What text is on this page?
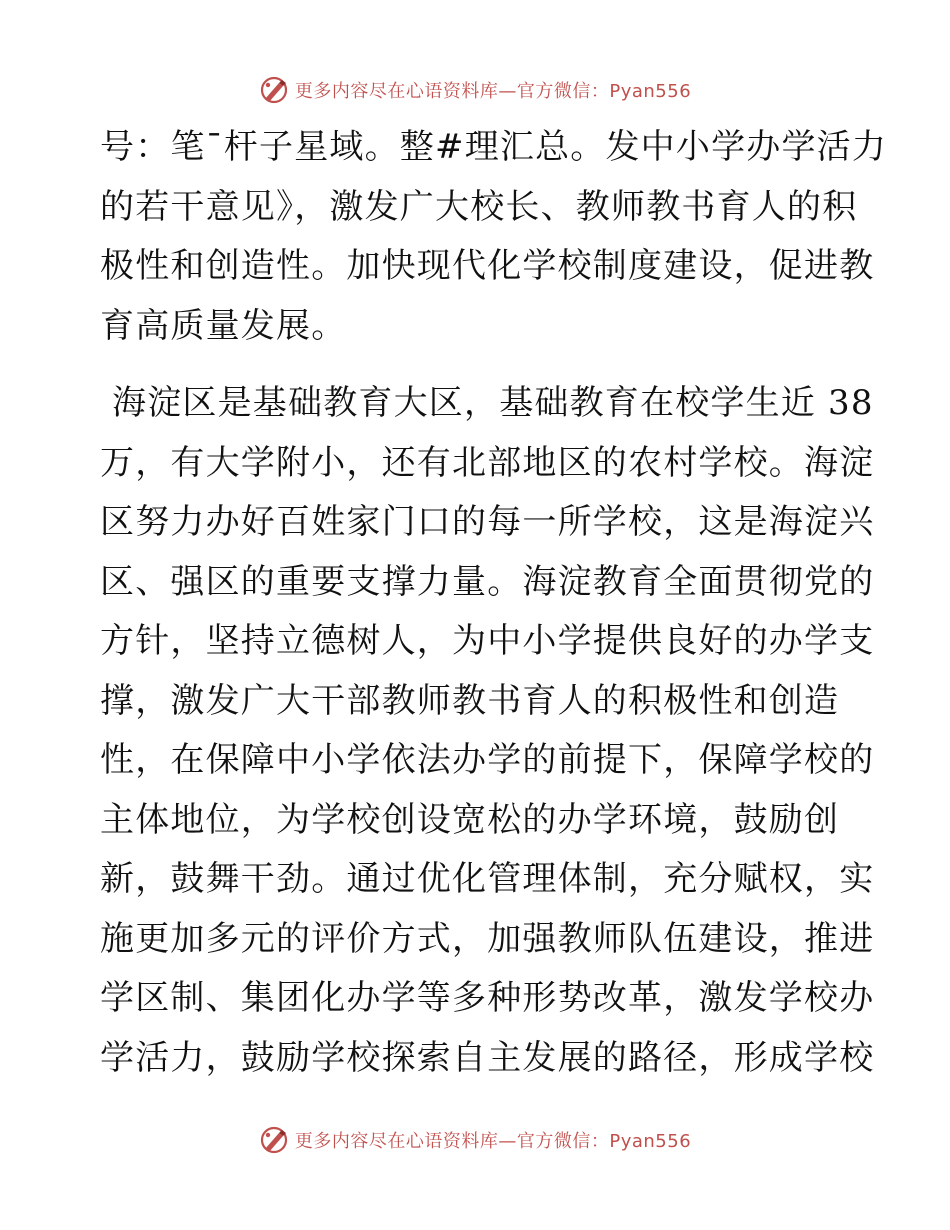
更多内容尽在心语资料库—官方微信：Pyan556

号：笔¯杆子星域。整#理汇总。发中小学办学活力
的若干意见》，激发广大校长、教师教书育人的积
极性和创造性。加快现代化学校制度建设，促进教
育高质量发展。

海淀区是基础教育大区，基础教育在校学生近 38
万，有大学附小，还有北部地区的农村学校。海淀
区努力办好百姓家门口的每一所学校，这是海淀兴
区、强区的重要支撑力量。海淀教育全面贯彻党的
方针，坚持立德树人，为中小学提供良好的办学支
撑，激发广大干部教师教书育人的积极性和创造
性，在保障中小学依法办学的前提下，保障学校的
主体地位，为学校创设宽松的办学环境，鼓励创
新，鼓舞干劲。通过优化管理体制，充分赋权，实
施更加多元的评价方式，加强教师队伍建设，推进
学区制、集团化办学等多种形势改革，激发学校办
学活力，鼓励学校探索自主发展的路径，形成学校

更多内容尽在心语资料库—官方微信：Pyan556
